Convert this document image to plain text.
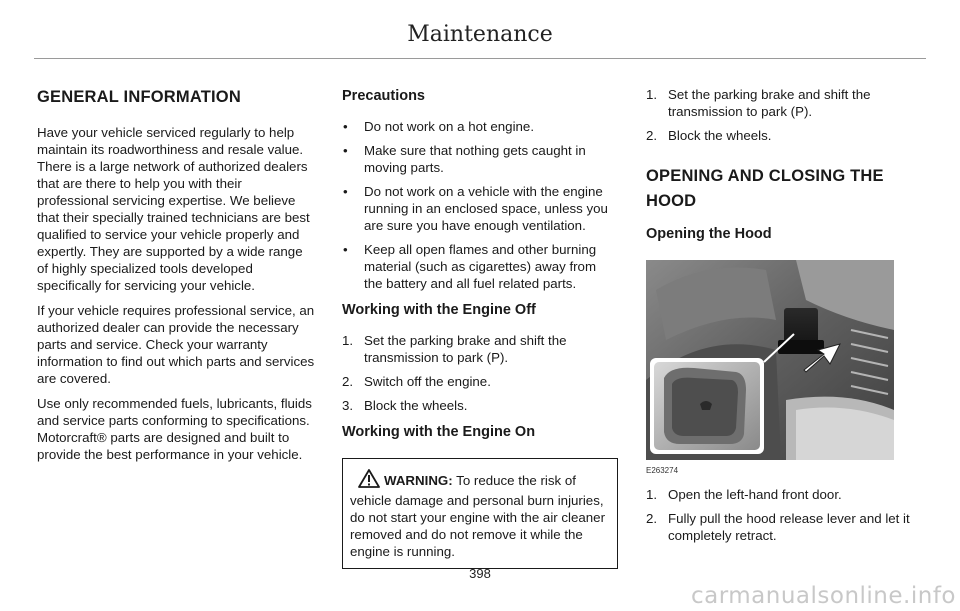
Maintenance
GENERAL INFORMATION

Have your vehicle serviced regularly to help maintain its roadworthiness and resale value. There is a large network of authorized dealers that are there to help you with their professional servicing expertise. We believe that their specially trained technicians are best qualified to service your vehicle properly and expertly. They are supported by a wide range of highly specialized tools developed specifically for servicing your vehicle.

If your vehicle requires professional service, an authorized dealer can provide the necessary parts and service. Check your warranty information to find out which parts and services are covered.

Use only recommended fuels, lubricants, fluids and service parts conforming to specifications. Motorcraft® parts are designed and built to provide the best performance in your vehicle.

Precautions
•	Do not work on a hot engine.
•	Make sure that nothing gets caught in moving parts.
•	Do not work on a vehicle with the engine running in an enclosed space, unless you are sure you have enough ventilation.
•	Keep all open flames and other burning material (such as cigarettes) away from the battery and all fuel related parts.
Working with the Engine Off
1. Set the parking brake and shift the transmission to park (P).
2. Switch off the engine.
3. Block the wheels.
Working with the Engine On
WARNING: To reduce the risk of vehicle damage and personal burn injuries, do not start your engine with the air cleaner removed and do not remove it while the engine is running.
1. Set the parking brake and shift the transmission to park (P).
2. Block the wheels.
OPENING AND CLOSING THE
HOOD
Opening the Hood
E263274
1. Open the left-hand front door.
2. Fully pull the hood release lever and let it completely retract.
398
carmanualsonline.info
